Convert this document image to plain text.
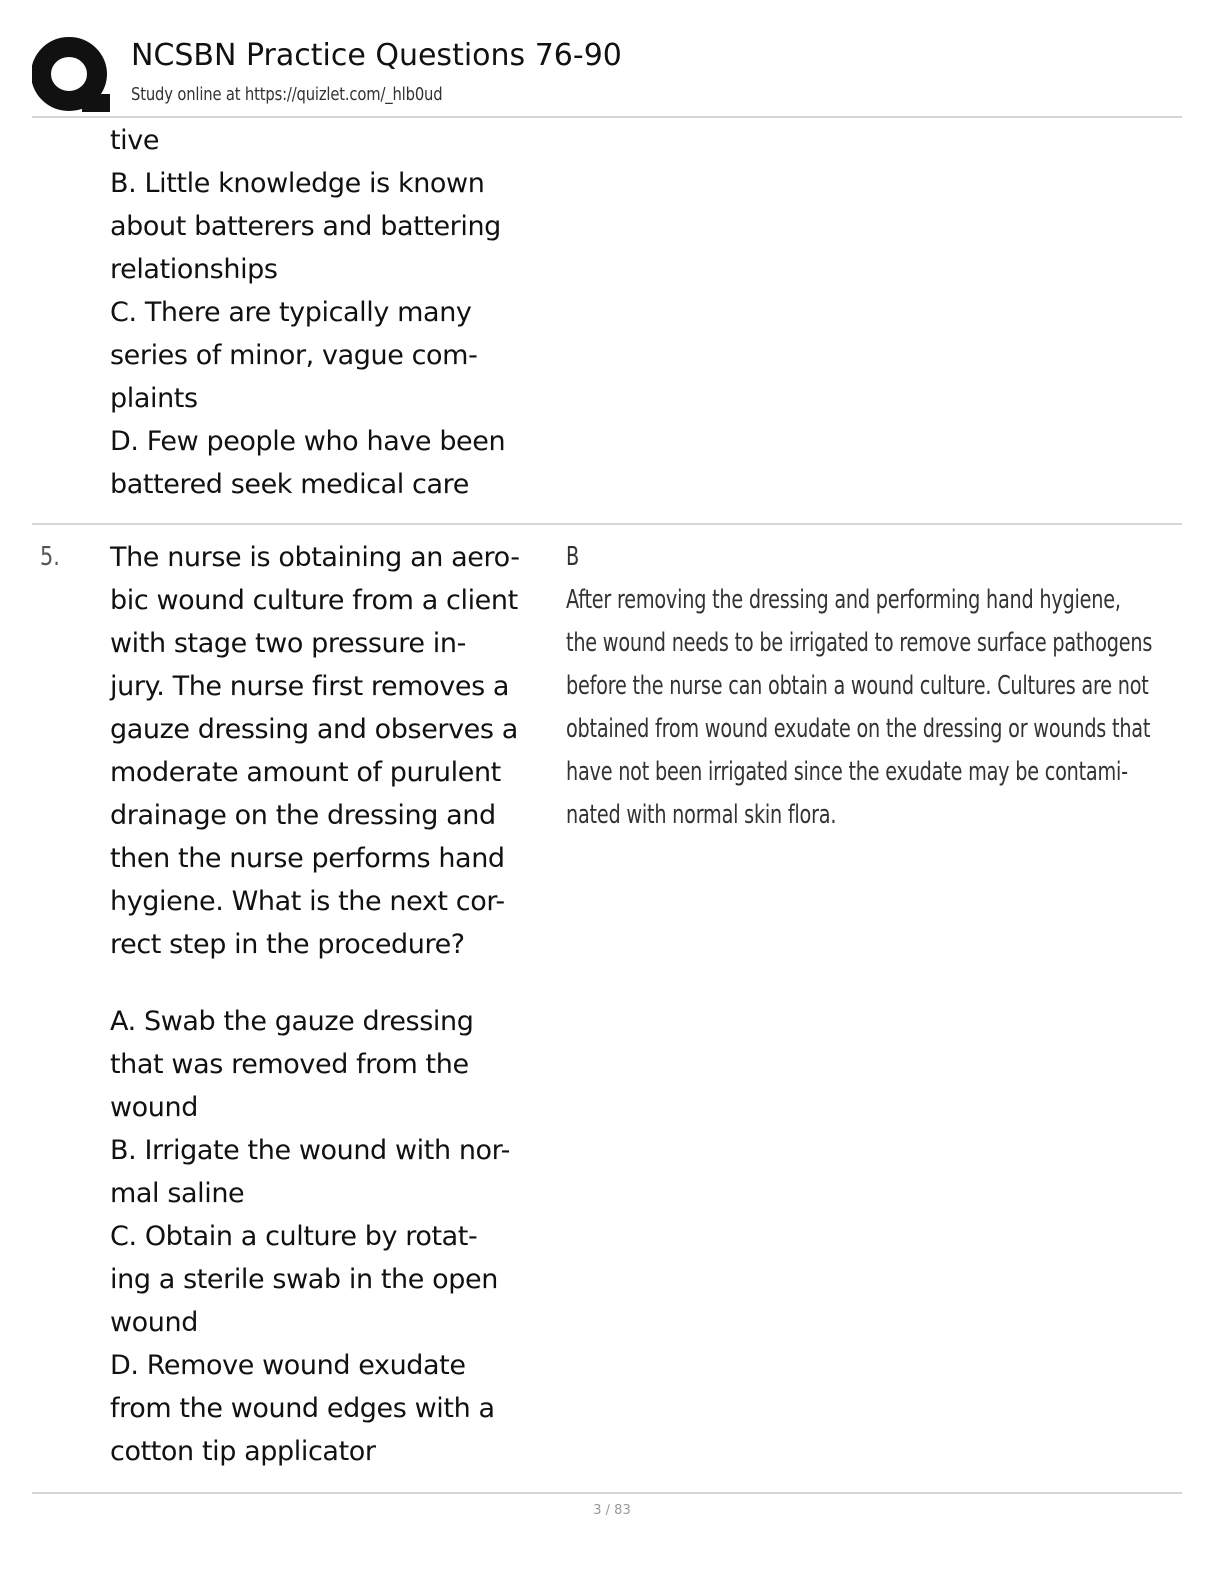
NCSBN Practice Questions 76-90
Study online at https://quizlet.com/_hlb0ud
tive
B. Little knowledge is known
about batterers and battering
relationships
C. There are typically many
series of minor, vague com-
plaints
D. Few people who have been
battered seek medical care
5. The nurse is obtaining an aero-
bic wound culture from a client
with stage two pressure in-
jury. The nurse first removes a
gauze dressing and observes a
moderate amount of purulent
drainage on the dressing and
then the nurse performs hand
hygiene. What is the next cor-
rect step in the procedure?
A. Swab the gauze dressing
that was removed from the
wound
B. Irrigate the wound with nor-
mal saline
C. Obtain a culture by rotat-
ing a sterile swab in the open
wound
D. Remove wound exudate
from the wound edges with a
cotton tip applicator
B
After removing the dressing and performing hand hygiene,
the wound needs to be irrigated to remove surface pathogens
before the nurse can obtain a wound culture. Cultures are not
obtained from wound exudate on the dressing or wounds that
have not been irrigated since the exudate may be contami-
nated with normal skin flora.
3 / 83
